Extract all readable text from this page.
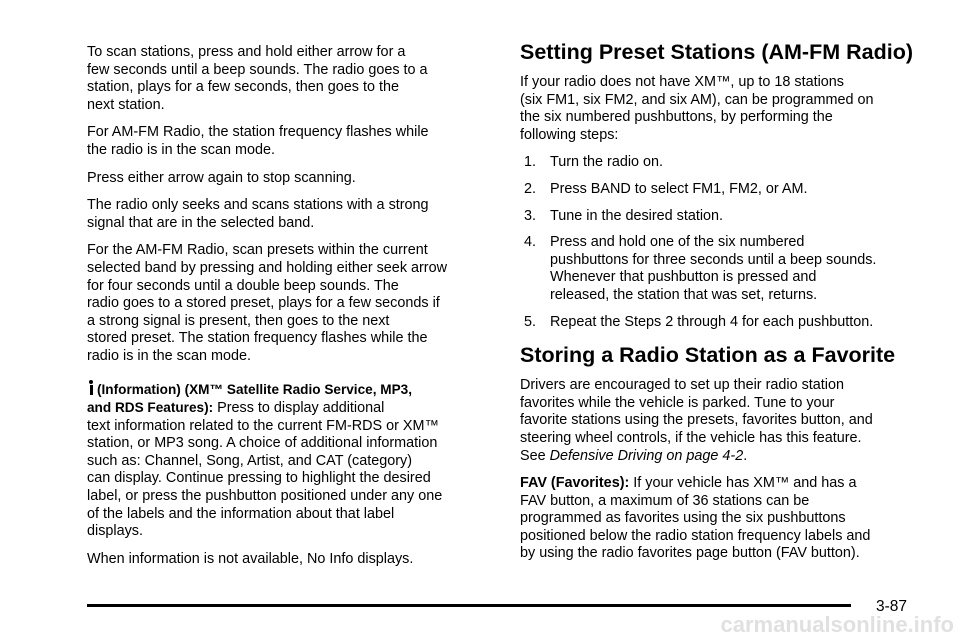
To scan stations, press and hold either arrow for a
few seconds until a beep sounds. The radio goes to a
station, plays for a few seconds, then goes to the
next station.

For AM-FM Radio, the station frequency flashes while
the radio is in the scan mode.

Press either arrow again to stop scanning.

The radio only seeks and scans stations with a strong
signal that are in the selected band.

For the AM-FM Radio, scan presets within the current
selected band by pressing and holding either seek arrow
for four seconds until a double beep sounds. The
radio goes to a stored preset, plays for a few seconds if
a strong signal is present, then goes to the next
stored preset. The station frequency flashes while the
radio is in the scan mode.

(Information) (XM™ Satellite Radio Service, MP3,
and RDS Features): Press to display additional
text information related to the current FM-RDS or XM™
station, or MP3 song. A choice of additional information
such as: Channel, Song, Artist, and CAT (category)
can display. Continue pressing to highlight the desired
label, or press the pushbutton positioned under any one
of the labels and the information about that label
displays.

When information is not available, No Info displays.

Setting Preset Stations (AM-FM Radio)

If your radio does not have XM™, up to 18 stations
(six FM1, six FM2, and six AM), can be programmed on
the six numbered pushbuttons, by performing the
following steps:

1. Turn the radio on.
2. Press BAND to select FM1, FM2, or AM.
3. Tune in the desired station.
4. Press and hold one of the six numbered
pushbuttons for three seconds until a beep sounds.
Whenever that pushbutton is pressed and
released, the station that was set, returns.
5. Repeat the Steps 2 through 4 for each pushbutton.
Storing a Radio Station as a Favorite

Drivers are encouraged to set up their radio station
favorites while the vehicle is parked. Tune to your
favorite stations using the presets, favorites button, and
steering wheel controls, if the vehicle has this feature.
See Defensive Driving on page 4-2.

FAV (Favorites): If your vehicle has XM™ and has a
FAV button, a maximum of 36 stations can be
programmed as favorites using the six pushbuttons
positioned below the radio station frequency labels and
by using the radio favorites page button (FAV button).

3-87
carmanualsonline.info
